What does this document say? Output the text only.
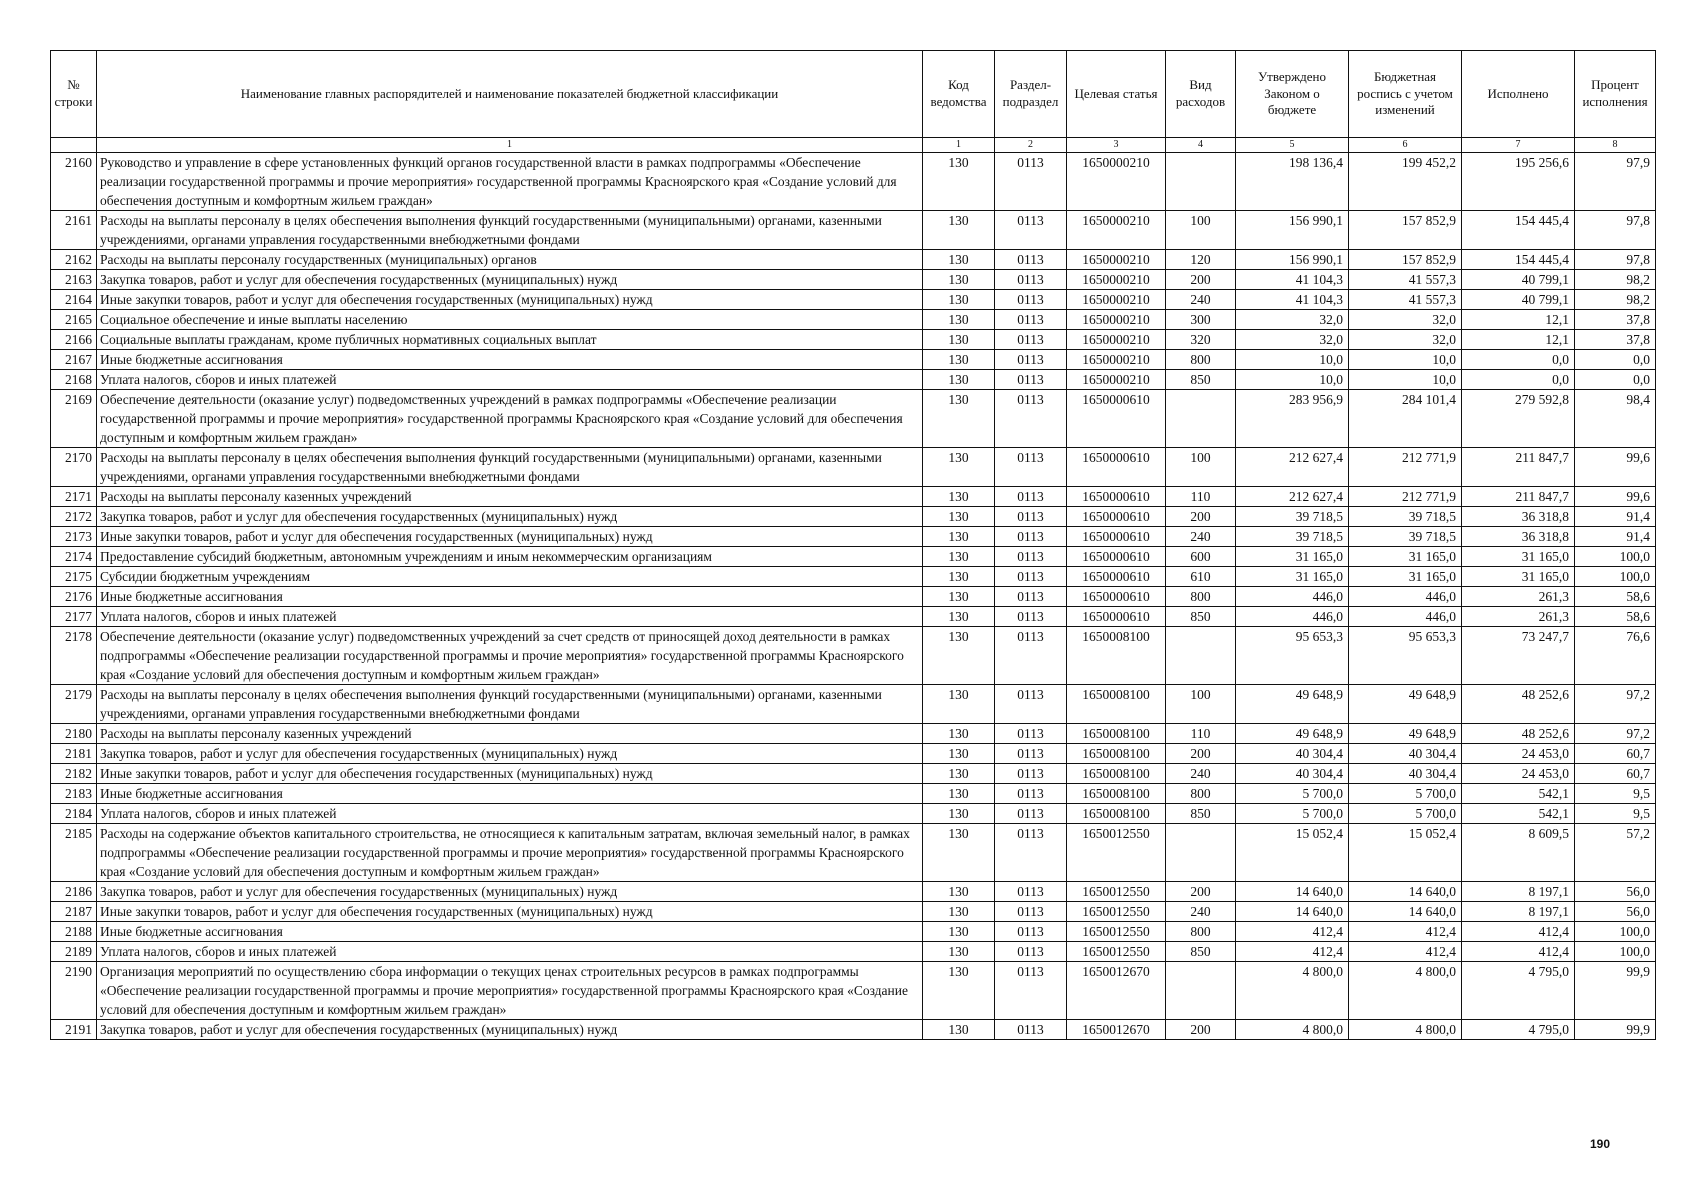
№ строки	Наименование главных распорядителей и наименование показателей бюджетной классификации	Код ведомства	Раздел-подраздел	Целевая статья	Вид расходов	Утверждено Законом о бюджете	Бюджетная роспись с учетом изменений	Исполнено	Процент исполнения
	1	1	2	3	4	5	6	7	8
2160	Руководство и управление в сфере установленных функций органов государственной власти в рамках подпрограммы «Обеспечение реализации государственной программы и прочие мероприятия» государственной программы Красноярского края «Создание условий для обеспечения доступным и комфортным жильем граждан»	130	0113	1650000210		198 136,4	199 452,2	195 256,6	97,9
2161	Расходы на выплаты персоналу в целях обеспечения выполнения функций государственными (муниципальными) органами, казенными учреждениями, органами управления государственными внебюджетными фондами	130	0113	1650000210	100	156 990,1	157 852,9	154 445,4	97,8
2162	Расходы на выплаты персоналу государственных (муниципальных) органов	130	0113	1650000210	120	156 990,1	157 852,9	154 445,4	97,8
2163	Закупка товаров, работ и услуг для обеспечения государственных (муниципальных) нужд	130	0113	1650000210	200	41 104,3	41 557,3	40 799,1	98,2
2164	Иные закупки товаров, работ и услуг для обеспечения государственных (муниципальных) нужд	130	0113	1650000210	240	41 104,3	41 557,3	40 799,1	98,2
2165	Социальное обеспечение и иные выплаты населению	130	0113	1650000210	300	32,0	32,0	12,1	37,8
2166	Социальные выплаты гражданам, кроме публичных нормативных социальных выплат	130	0113	1650000210	320	32,0	32,0	12,1	37,8
2167	Иные бюджетные ассигнования	130	0113	1650000210	800	10,0	10,0	0,0	0,0
2168	Уплата налогов, сборов и иных платежей	130	0113	1650000210	850	10,0	10,0	0,0	0,0
2169	Обеспечение деятельности (оказание услуг) подведомственных учреждений в рамках подпрограммы «Обеспечение реализации государственной программы и прочие мероприятия» государственной программы Красноярского края «Создание условий для обеспечения доступным и комфортным жильем граждан»	130	0113	1650000610		283 956,9	284 101,4	279 592,8	98,4
2170	Расходы на выплаты персоналу в целях обеспечения выполнения функций государственными (муниципальными) органами, казенными учреждениями, органами управления государственными внебюджетными фондами	130	0113	1650000610	100	212 627,4	212 771,9	211 847,7	99,6
2171	Расходы на выплаты персоналу казенных учреждений	130	0113	1650000610	110	212 627,4	212 771,9	211 847,7	99,6
2172	Закупка товаров, работ и услуг для обеспечения государственных (муниципальных) нужд	130	0113	1650000610	200	39 718,5	39 718,5	36 318,8	91,4
2173	Иные закупки товаров, работ и услуг для обеспечения государственных (муниципальных) нужд	130	0113	1650000610	240	39 718,5	39 718,5	36 318,8	91,4
2174	Предоставление субсидий бюджетным, автономным учреждениям и иным некоммерческим организациям	130	0113	1650000610	600	31 165,0	31 165,0	31 165,0	100,0
2175	Субсидии бюджетным учреждениям	130	0113	1650000610	610	31 165,0	31 165,0	31 165,0	100,0
2176	Иные бюджетные ассигнования	130	0113	1650000610	800	446,0	446,0	261,3	58,6
2177	Уплата налогов, сборов и иных платежей	130	0113	1650000610	850	446,0	446,0	261,3	58,6
2178	Обеспечение деятельности (оказание услуг) подведомственных учреждений за счет средств от приносящей доход деятельности в рамках подпрограммы «Обеспечение реализации государственной программы и прочие мероприятия» государственной программы Красноярского края «Создание условий для обеспечения доступным и комфортным жильем граждан»	130	0113	1650008100		95 653,3	95 653,3	73 247,7	76,6
2179	Расходы на выплаты персоналу в целях обеспечения выполнения функций государственными (муниципальными) органами, казенными учреждениями, органами управления государственными внебюджетными фондами	130	0113	1650008100	100	49 648,9	49 648,9	48 252,6	97,2
2180	Расходы на выплаты персоналу казенных учреждений	130	0113	1650008100	110	49 648,9	49 648,9	48 252,6	97,2
2181	Закупка товаров, работ и услуг для обеспечения государственных (муниципальных) нужд	130	0113	1650008100	200	40 304,4	40 304,4	24 453,0	60,7
2182	Иные закупки товаров, работ и услуг для обеспечения государственных (муниципальных) нужд	130	0113	1650008100	240	40 304,4	40 304,4	24 453,0	60,7
2183	Иные бюджетные ассигнования	130	0113	1650008100	800	5 700,0	5 700,0	542,1	9,5
2184	Уплата налогов, сборов и иных платежей	130	0113	1650008100	850	5 700,0	5 700,0	542,1	9,5
2185	Расходы на содержание объектов капитального строительства, не относящиеся к капитальным затратам, включая земельный налог, в рамках подпрограммы «Обеспечение реализации государственной программы и прочие мероприятия» государственной программы Красноярского края «Создание условий для обеспечения доступным и комфортным жильем граждан»	130	0113	1650012550		15 052,4	15 052,4	8 609,5	57,2
2186	Закупка товаров, работ и услуг для обеспечения государственных (муниципальных) нужд	130	0113	1650012550	200	14 640,0	14 640,0	8 197,1	56,0
2187	Иные закупки товаров, работ и услуг для обеспечения государственных (муниципальных) нужд	130	0113	1650012550	240	14 640,0	14 640,0	8 197,1	56,0
2188	Иные бюджетные ассигнования	130	0113	1650012550	800	412,4	412,4	412,4	100,0
2189	Уплата налогов, сборов и иных платежей	130	0113	1650012550	850	412,4	412,4	412,4	100,0
2190	Организация мероприятий по осуществлению сбора информации о текущих ценах строительных ресурсов в рамках подпрограммы «Обеспечение реализации государственной программы и прочие мероприятия» государственной программы Красноярского края «Создание условий для обеспечения доступным и комфортным жильем граждан»	130	0113	1650012670		4 800,0	4 800,0	4 795,0	99,9
2191	Закупка товаров, работ и услуг для обеспечения государственных (муниципальных) нужд	130	0113	1650012670	200	4 800,0	4 800,0	4 795,0	99,9
190
